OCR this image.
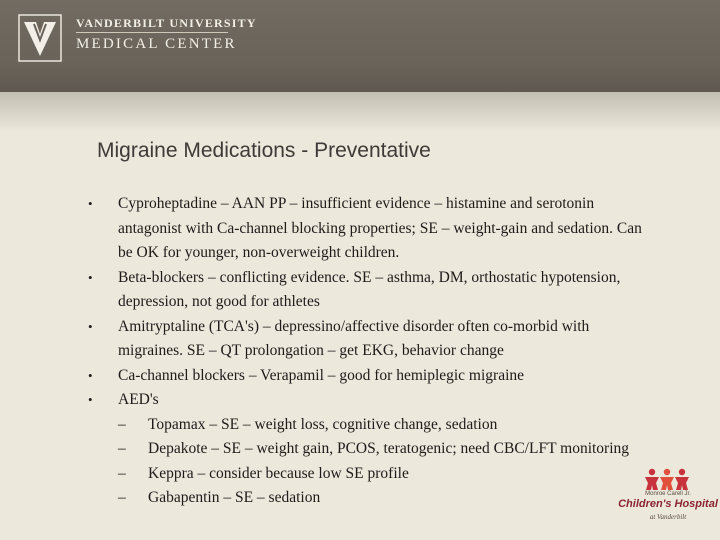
VANDERBILT UNIVERSITY
MEDICAL CENTER
Migraine Medications - Preventative
•	Cyproheptadine – AAN PP – insufficient evidence – histamine and serotonin antagonist with Ca-channel blocking properties; SE – weight-gain and sedation. Can be OK for younger, non-overweight children.
•	Beta-blockers – conflicting evidence. SE – asthma, DM, orthostatic hypotension, depression, not good for athletes
•	Amitryptaline (TCA's) – depressino/affective disorder often co-morbid with migraines. SE – QT prolongation – get EKG, behavior change
•	Ca-channel blockers – Verapamil – good for hemiplegic migraine
•	AED's
–	Topamax – SE – weight loss, cognitive change, sedation
–	Depakote – SE – weight gain, PCOS, teratogenic; need CBC/LFT monitoring
–	Keppra – consider because low SE profile
–	Gabapentin – SE – sedation	Monroe Carell Jr.
Children's Hospital
at Vanderbilt
